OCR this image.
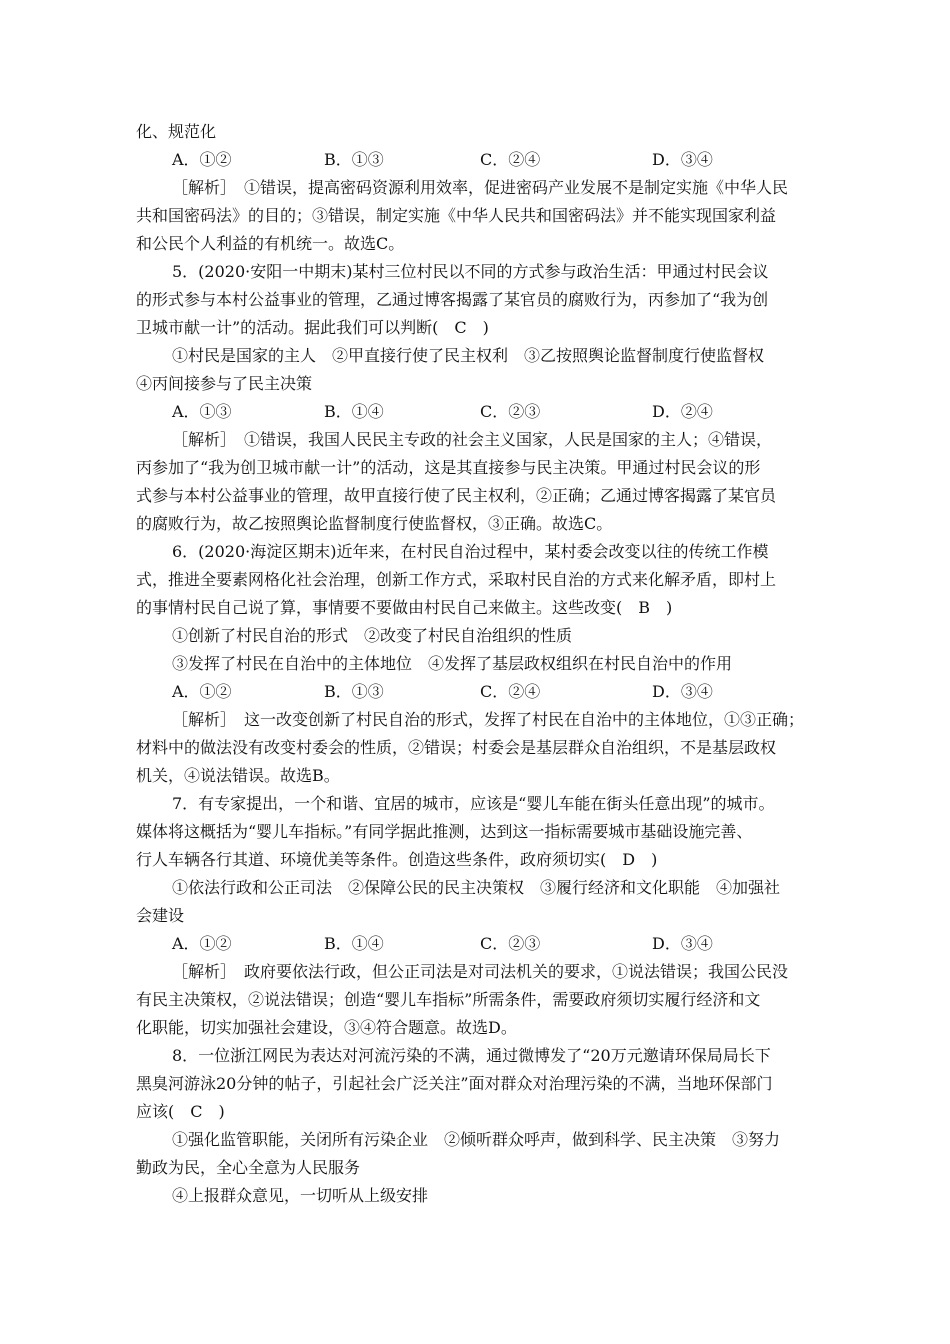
化、规范化
A．①②	B．①③	C．②④	D．③④
［解析］　①错误，提高密码资源利用效率，促进密码产业发展不是制定实施《中华人民
共和国密码法》的目的；③错误，制定实施《中华人民共和国密码法》并不能实现国家利益
和公民个人利益的有机统一。故选C。
5．(2020·安阳一中期末)某村三位村民以不同的方式参与政治生活：甲通过村民会议
的形式参与本村公益事业的管理，乙通过博客揭露了某官员的腐败行为，丙参加了“我为创
卫城市献一计”的活动。据此我们可以判断(　C　)
①村民是国家的主人　②甲直接行使了民主权利　③乙按照舆论监督制度行使监督权
④丙间接参与了民主决策
A．①③	B．①④	C．②③	D．②④
［解析］　①错误，我国人民民主专政的社会主义国家，人民是国家的主人；④错误，
丙参加了“我为创卫城市献一计”的活动，这是其直接参与民主决策。甲通过村民会议的形
式参与本村公益事业的管理，故甲直接行使了民主权利，②正确；乙通过博客揭露了某官员
的腐败行为，故乙按照舆论监督制度行使监督权，③正确。故选C。
6．(2020·海淀区期末)近年来，在村民自治过程中，某村委会改变以往的传统工作模
式，推进全要素网格化社会治理，创新工作方式，采取村民自治的方式来化解矛盾，即村上
的事情村民自己说了算，事情要不要做由村民自己来做主。这些改变(　B　)
①创新了村民自治的形式　②改变了村民自治组织的性质
③发挥了村民在自治中的主体地位　④发挥了基层政权组织在村民自治中的作用
A．①②	B．①③	C．②④	D．③④
［解析］　这一改变创新了村民自治的形式，发挥了村民在自治中的主体地位，①③正确；
材料中的做法没有改变村委会的性质，②错误；村委会是基层群众自治组织，不是基层政权
机关，④说法错误。故选B。
7．有专家提出，一个和谐、宜居的城市，应该是“婴儿车能在街头任意出现”的城市。
媒体将这概括为“婴儿车指标。”有同学据此推测，达到这一指标需要城市基础设施完善、
行人车辆各行其道、环境优美等条件。创造这些条件，政府须切实(　D　)
①依法行政和公正司法　②保障公民的民主决策权　③履行经济和文化职能　④加强社
会建设
A．①②	B．①④	C．②③	D．③④
［解析］　政府要依法行政，但公正司法是对司法机关的要求，①说法错误；我国公民没
有民主决策权，②说法错误；创造“婴儿车指标”所需条件，需要政府须切实履行经济和文
化职能，切实加强社会建设，③④符合题意。故选D。
8．一位浙江网民为表达对河流污染的不满，通过微博发了“20万元邀请环保局局长下
黑臭河游泳20分钟的帖子，引起社会广泛关注”面对群众对治理污染的不满，当地环保部门
应该(　C　)
①强化监管职能，关闭所有污染企业　②倾听群众呼声，做到科学、民主决策　③努力
勤政为民，全心全意为人民服务
④上报群众意见，一切听从上级安排
